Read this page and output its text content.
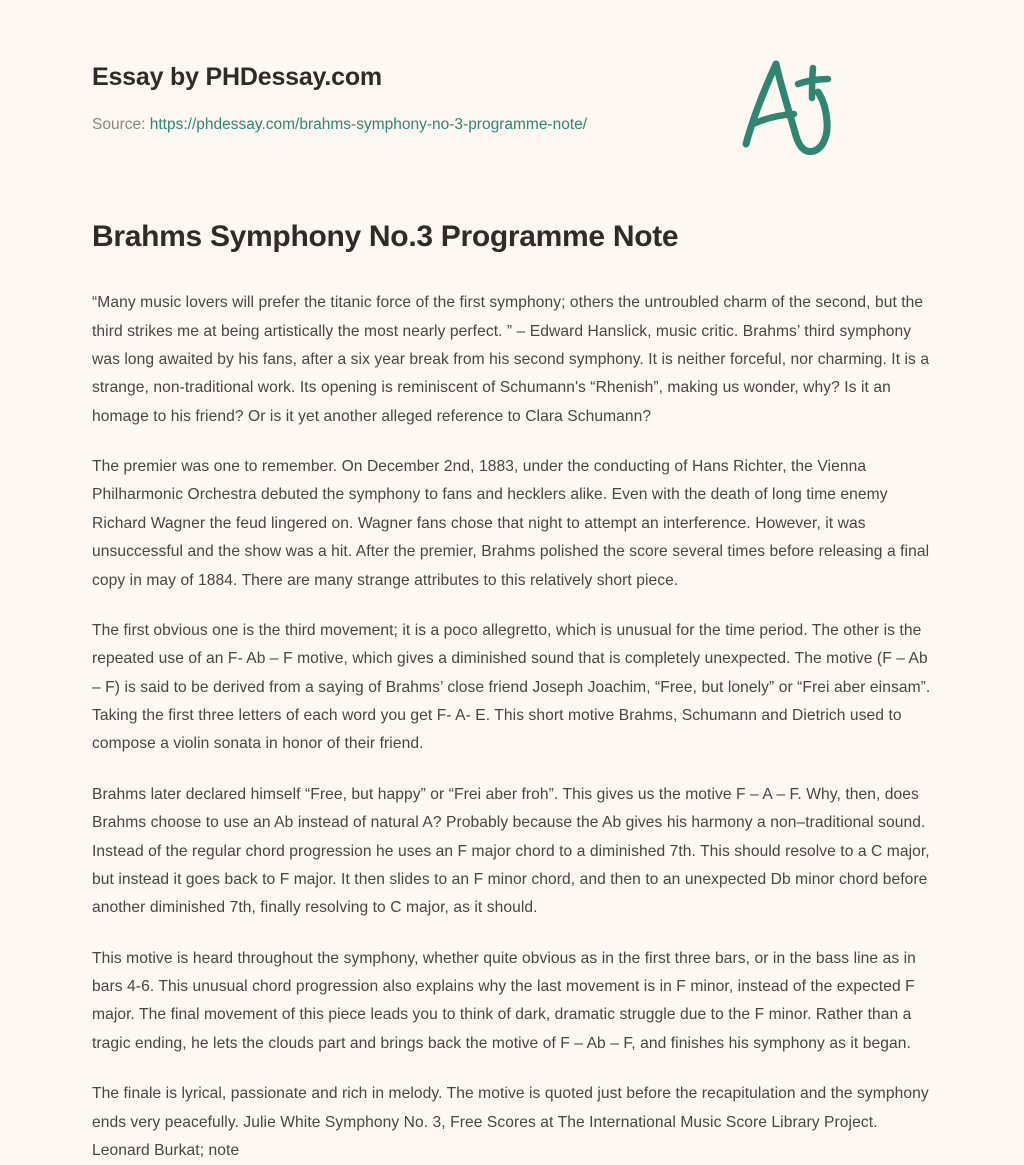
Essay by PHDessay.com
Source: https://phdessay.com/brahms-symphony-no-3-programme-note/
Brahms Symphony No.3 Programme Note

“Many music lovers will prefer the titanic force of the first symphony; others the untroubled charm of the second, but the third strikes me at being artistically the most nearly perfect. ” – Edward Hanslick, music critic. Brahms’ third symphony was long awaited by his fans, after a six year break from his second symphony. It is neither forceful, nor charming. It is a strange, non-traditional work. Its opening is reminiscent of Schumann's “Rhenish”, making us wonder, why? Is it an homage to his friend? Or is it yet another alleged reference to Clara Schumann?

The premier was one to remember. On December 2nd, 1883, under the conducting of Hans Richter, the Vienna Philharmonic Orchestra debuted the symphony to fans and hecklers alike. Even with the death of long time enemy Richard Wagner the feud lingered on. Wagner fans chose that night to attempt an interference. However, it was unsuccessful and the show was a hit. After the premier, Brahms polished the score several times before releasing a final copy in may of 1884. There are many strange attributes to this relatively short piece.

The first obvious one is the third movement; it is a poco allegretto, which is unusual for the time period. The other is the repeated use of an F- Ab – F motive, which gives a diminished sound that is completely unexpected. The motive (F – Ab – F) is said to be derived from a saying of Brahms’ close friend Joseph Joachim, “Free, but lonely” or “Frei aber einsam”. Taking the first three letters of each word you get F- A- E. This short motive Brahms, Schumann and Dietrich used to compose a violin sonata in honor of their friend.

Brahms later declared himself “Free, but happy” or “Frei aber froh”. This gives us the motive F – A – F. Why, then, does Brahms choose to use an Ab instead of natural A? Probably because the Ab gives his harmony a non–traditional sound. Instead of the regular chord progression he uses an F major chord to a diminished 7th. This should resolve to a C major, but instead it goes back to F major. It then slides to an F minor chord, and then to an unexpected Db minor chord before another diminished 7th, finally resolving to C major, as it should.

This motive is heard throughout the symphony, whether quite obvious as in the first three bars, or in the bass line as in bars 4-6. This unusual chord progression also explains why the last movement is in F minor, instead of the expected F major. The final movement of this piece leads you to think of dark, dramatic struggle due to the F minor. Rather than a tragic ending, he lets the clouds part and brings back the motive of F – Ab – F, and finishes his symphony as it began.

The finale is lyrical, passionate and rich in melody. The motive is quoted just before the recapitulation and the symphony ends very peacefully. Julie White Symphony No. 3, Free Scores at The International Music Score Library Project. Leonard Burkat; note
